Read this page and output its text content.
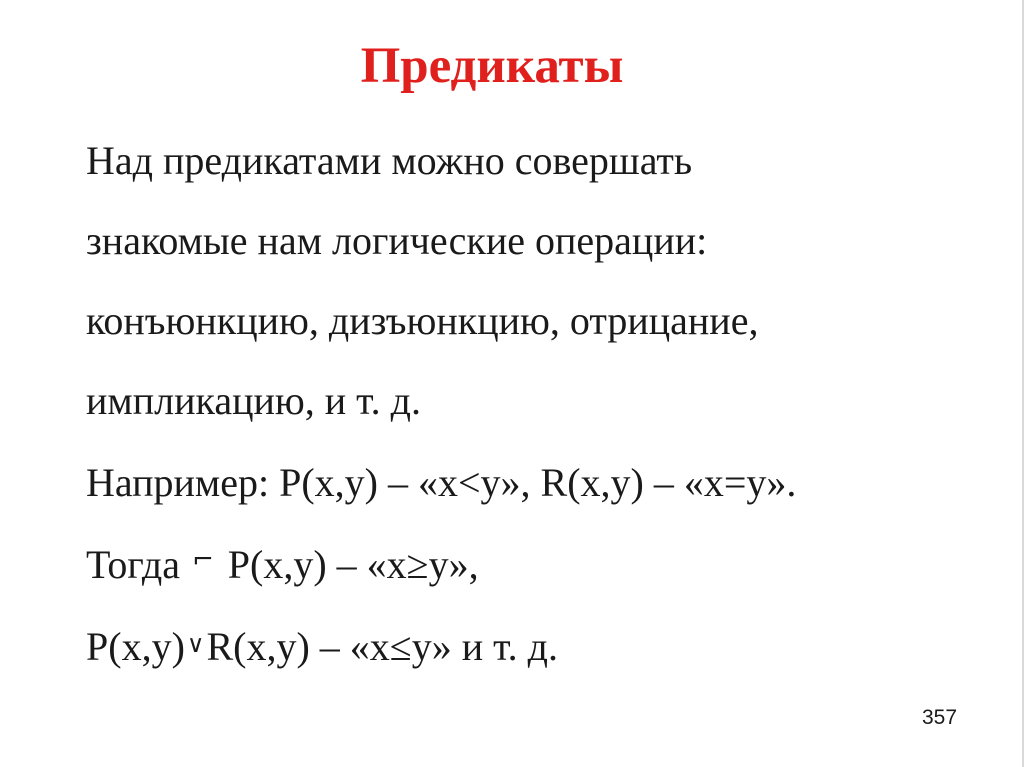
Предикаты
Над предикатами можно совершать
знакомые нам логические операции:
конъюнкцию, дизъюнкцию, отрицание,
импликацию, и т. д.
Например: P(x,y) – «x<y», R(x,y) – «x=y».
Тогда ⌐ P(x,y) – «x≥y»,
P(x,y)∨R(x,y) – «x≤y» и т. д.
357
